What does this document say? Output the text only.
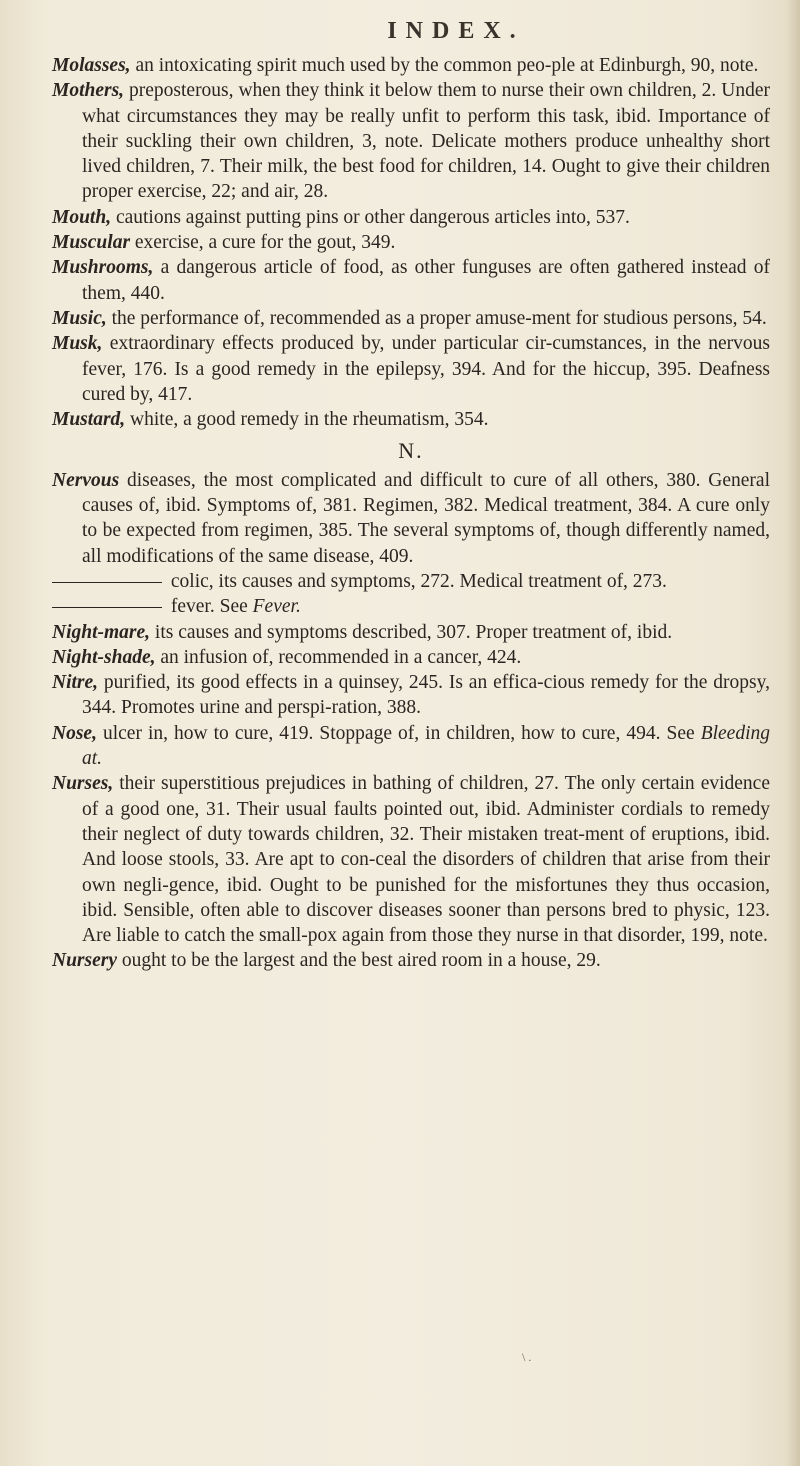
INDEX.

Molasses, an intoxicating spirit much used by the common peo-ple at Edinburgh, 90, note.

Mothers, preposterous, when they think it below them to nurse their own children, 2. Under what circumstances they may be really unfit to perform this task, ibid. Importance of their suckling their own children, 3, note. Delicate mothers produce unhealthy short lived children, 7. Their milk, the best food for children, 14. Ought to give their children proper exercise, 22; and air, 28.

Mouth, cautions against putting pins or other dangerous articles into, 537.

Muscular exercise, a cure for the gout, 349.

Mushrooms, a dangerous article of food, as other funguses are often gathered instead of them, 440.

Music, the performance of, recommended as a proper amuse-ment for studious persons, 54.

Musk, extraordinary effects produced by, under particular cir-cumstances, in the nervous fever, 176. Is a good remedy in the epilepsy, 394. And for the hiccup, 395. Deafness cured by, 417.

Mustard, white, a good remedy in the rheumatism, 354.

N.

Nervous diseases, the most complicated and difficult to cure of all others, 380. General causes of, ibid. Symptoms of, 381. Regimen, 382. Medical treatment, 384. A cure only to be expected from regimen, 385. The several symptoms of, though differently named, all modifications of the same disease, 409.

colic, its causes and symptoms, 272. Medical treatment of, 273.

fever. See Fever.

Night-mare, its causes and symptoms described, 307. Proper treatment of, ibid.

Night-shade, an infusion of, recommended in a cancer, 424.

Nitre, purified, its good effects in a quinsey, 245. Is an effica-cious remedy for the dropsy, 344. Promotes urine and perspi-ration, 388.

Nose, ulcer in, how to cure, 419. Stoppage of, in children, how to cure, 494. See Bleeding at.

Nurses, their superstitious prejudices in bathing of children, 27. The only certain evidence of a good one, 31. Their usual faults pointed out, ibid. Administer cordials to remedy their neglect of duty towards children, 32. Their mistaken treat-ment of eruptions, ibid. And loose stools, 33. Are apt to con-ceal the disorders of children that arise from their own negli-gence, ibid. Ought to be punished for the misfortunes they thus occasion, ibid. Sensible, often able to discover diseases sooner than persons bred to physic, 123. Are liable to catch the small-pox again from those they nurse in that disorder, 199, note.

Nursery ought to be the largest and the best aired room in a house, 29.

\ .
